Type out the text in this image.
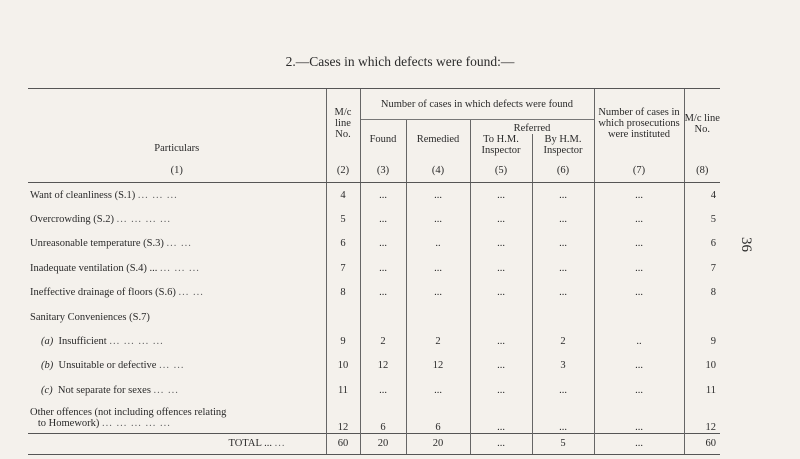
2.—Cases in which defects were found:—
36
Particulars	M/c line No.	Number of cases in which defects were found				Number of cases in which prosecutions were instituted	M/c line No.
		Found	Remedied	Referred			
				To H.M. Inspector	By H.M. Inspector		
(1)	(2)	(3)	(4)	(5)	(6)	(7)	(8)
Want of cleanliness (S.1) ... ... ...	4	...	...	...	...	...	4
Overcrowding (S.2) ... ... ... ...	5	...	...	...	...	...	5
Unreasonable temperature (S.3) ... ...	6	...	..	...	...	...	6
Inadequate ventilation (S.4) ... ... ... ...	7	...	...	...	...	...	7
Ineffective drainage of floors (S.6) ... ...	8	...	...	...	...	...	8
Sanitary Conveniences (S.7)							
(a) Insufficient ... ... ... ...	9	2	2	...	2	..	9
(b) Unsuitable or defective ... ...	10	12	12	...	3	...	10
(c) Not separate for sexes ... ...	11	...	...	...	...	...	11
Other offences (not including offences relating
to Homework) ... ... ... ... ...	12	6	6	...	...	...	12
TOTAL ... ...	60	20	20	...	5	...	60
